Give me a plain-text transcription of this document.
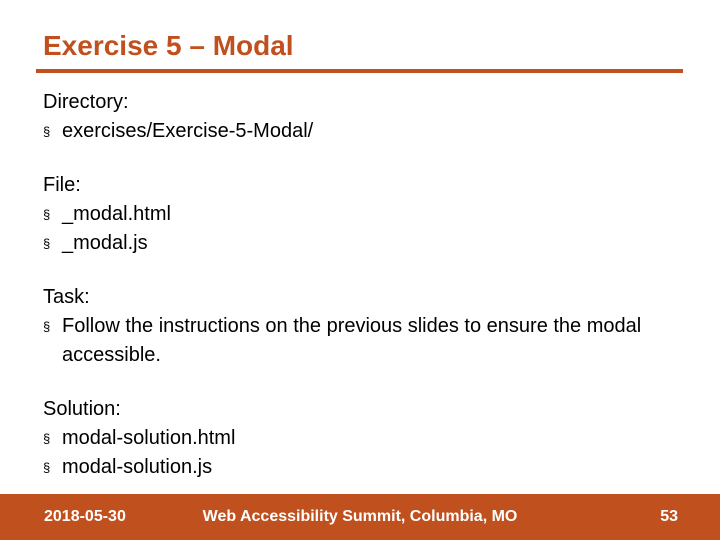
Exercise 5 – Modal

Directory:

§ exercises/Exercise-5-Modal/

File:

§ _modal.html
§ _modal.js

Task:

§ Follow the instructions on the previous slides to ensure the modal accessible.

Solution:

§ modal-solution.html
§ modal-solution.js
Web Accessibility Summit, Columbia, MO
2018-05-30	53
